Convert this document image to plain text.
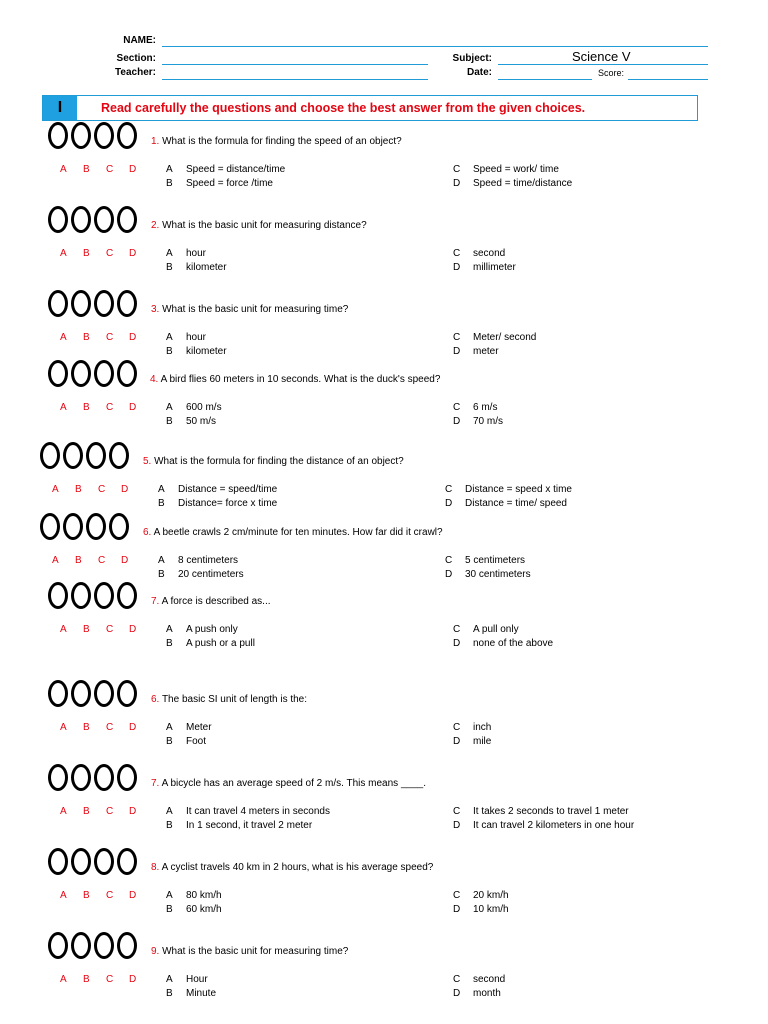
NAME:
Section:
Teacher:
Subject:	Science V
Date:	Score:
I	Read carefully the questions and choose the best answer from the given choices.
1. What is the formula for finding the speed of an object?
A	B	C	D	A Speed = distance/time
B Speed = force /time
C Speed = work/ time
D Speed = time/distance
2. What is the basic unit for measuring distance?
A	B	C	D	A hour
B kilometer
C second
D millimeter
3. What is the basic unit for measuring time?
A	B	C	D	A hour
B kilometer
C Meter/ second
D meter
4. A bird flies 60 meters in 10 seconds. What is the duck's speed?
A	B	C	D	A 600 m/s
B 50 m/s
C 6 m/s
D 70 m/s
5. What is the formula for finding the distance of an object?
A	B	C	D	A Distance = speed/time
B Distance= force x time
C Distance = speed x time
D Distance = time/ speed
6. A beetle crawls 2 cm/minute for ten minutes. How far did it crawl?
A	B	C	D	A 8 centimeters
B 20 centimeters
C 5 centimeters
D 30 centimeters
7. A force is described as...
A	B	C	D	A A push only
B A push or a pull
C A pull only
D none of the above
6. The basic SI unit of length is the:
A	B	C	D	A Meter
B Foot
C inch
D mile
7. A bicycle has an average speed of 2 m/s. This means ____.
A	B	C	D	A It can travel 4 meters in seconds
B In 1 second, it travel 2 meter
C It takes 2 seconds to travel 1 meter
D It can travel 2 kilometers in one hour
8. A cyclist travels 40 km in 2 hours, what is his average speed?
A	B	C	D	A 80 km/h
B 60 km/h
C 20 km/h
D 10 km/h
9. What is the basic unit for measuring time?
A	B	C	D	A Hour
B Minute
C second
D month
